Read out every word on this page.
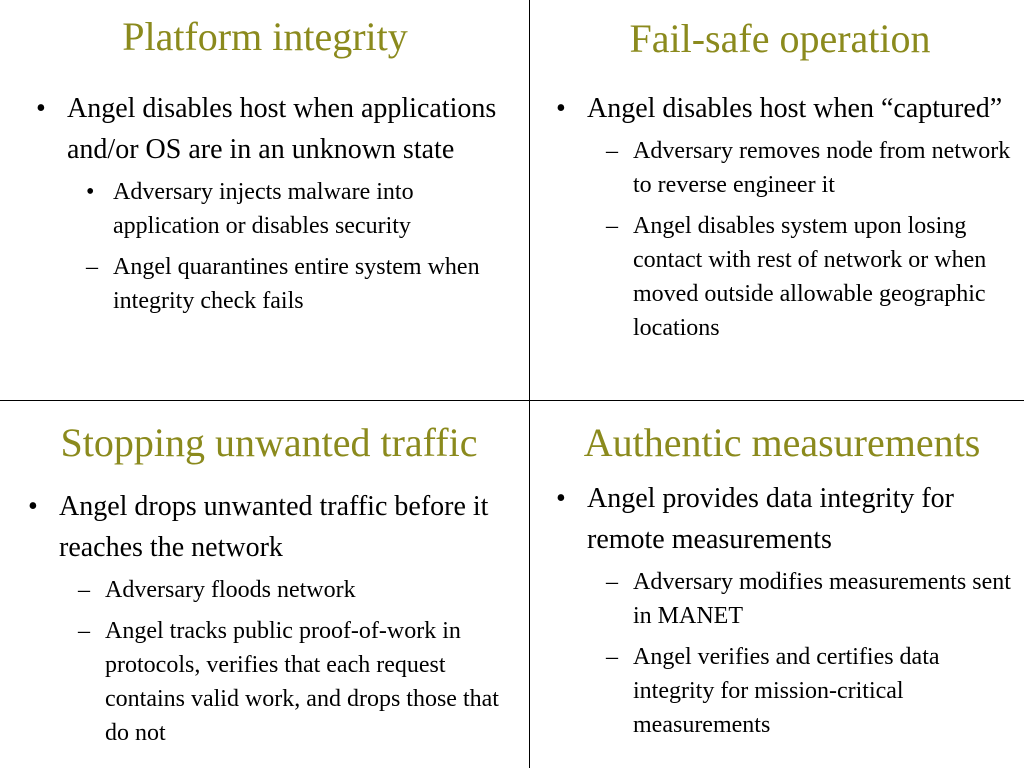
Platform integrity
• Angel disables host when applications and/or OS are in an unknown state
• Adversary injects malware into application or disables security
– Angel quarantines entire system when integrity check fails
Fail-safe operation
• Angel disables host when “captured”
– Adversary removes node from network to reverse engineer it
– Angel disables system upon losing contact with rest of network or when moved outside allowable geographic locations
Stopping unwanted traffic
• Angel drops unwanted traffic before it reaches the network
– Adversary floods network
– Angel tracks public proof-of-work in protocols, verifies that each request contains valid work, and drops those that do not
Authentic measurements
• Angel provides data integrity for remote measurements
– Adversary modifies measurements sent in MANET
– Angel verifies and certifies data integrity for mission-critical measurements
